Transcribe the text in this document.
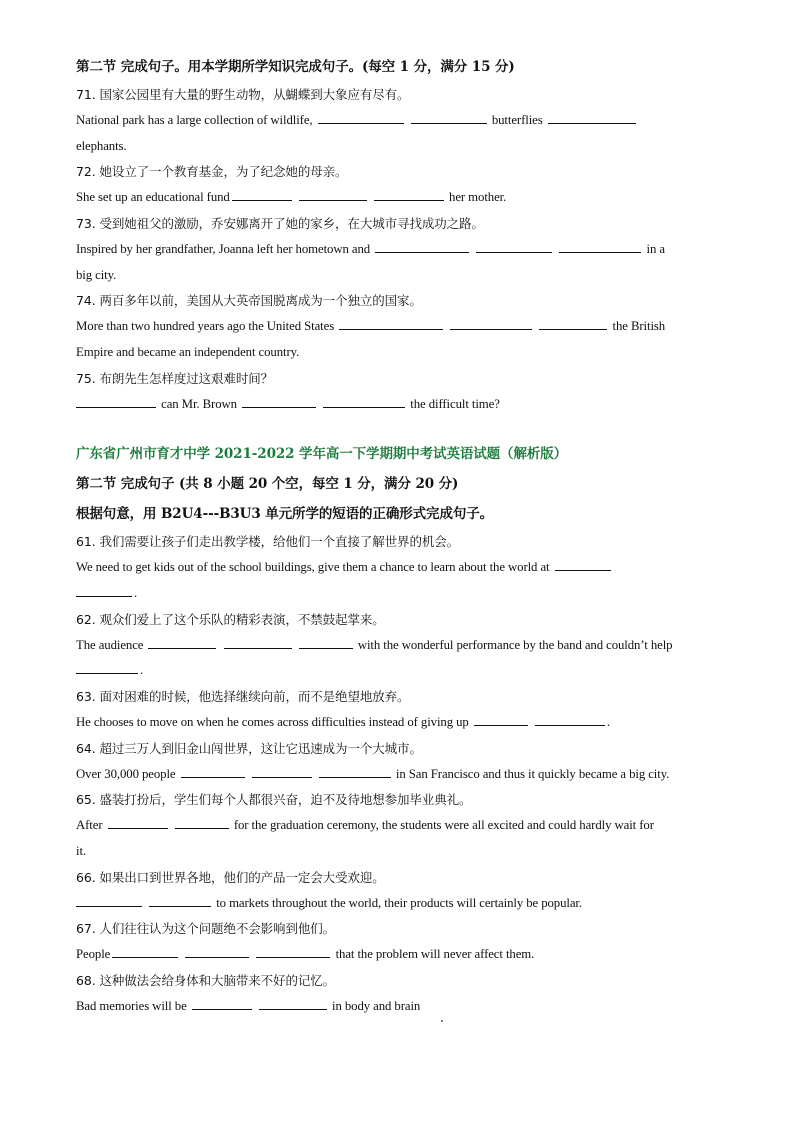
第二节 完成句子。用本学期所学知识完成句子。(每空 1 分，满分 15 分)
71. 国家公园里有大量的野生动物，从蝴蝶到大象应有尽有。
National park has a large collection of wildlife,	butterflies
elephants.
72. 她设立了一个教育基金，为了纪念她的母亲。
She set up an educational fund	her mother.
73. 受到她祖父的激励，乔安娜离开了她的家乡，在大城市寻找成功之路。
Inspired by her grandfather, Joanna left her hometown and	in a
big city.
74. 两百多年以前，美国从大英帝国脱离成为一个独立的国家。
More than two hundred years ago the United States	the British
Empire and became an independent country.
75. 布朗先生怎样度过这艰难时间？
can Mr. Brown	the difficult time?
广东省广州市育才中学 2021-2022 学年高一下学期期中考试英语试题（解析版）
第二节 完成句子 (共 8 小题 20 个空，每空 1 分，满分 20 分)
根据句意，用 B2U4---B3U3 单元所学的短语的正确形式完成句子。
61. 我们需要让孩子们走出教学楼，给他们一个直接了解世界的机会。
We need to get kids out of the school buildings, give them a chance to learn about the world at
.
62. 观众们爱上了这个乐队的精彩表演，不禁鼓起掌来。
The audience	with the wonderful performance by the band and couldn’t help
.
63. 面对困难的时候，他选择继续向前，而不是绝望地放弃。
He chooses to move on when he comes across difficulties instead of giving up	.
64. 超过三万人到旧金山闯世界，这让它迅速成为一个大城市。
Over 30,000 people	in San Francisco and thus it quickly became a big city.
65. 盛装打扮后，学生们每个人都很兴奋，迫不及待地想参加毕业典礼。
After	for the graduation ceremony, the students were all excited and could hardly wait for
it.
66. 如果出口到世界各地，他们的产品一定会大受欢迎。
to markets throughout the world, their products will certainly be popular.
67. 人们往往认为这个问题绝不会影响到他们。
People	that the problem will never affect them.
68. 这种做法会给身体和大脑带来不好的记忆。
Bad memories will be	in body and brain
